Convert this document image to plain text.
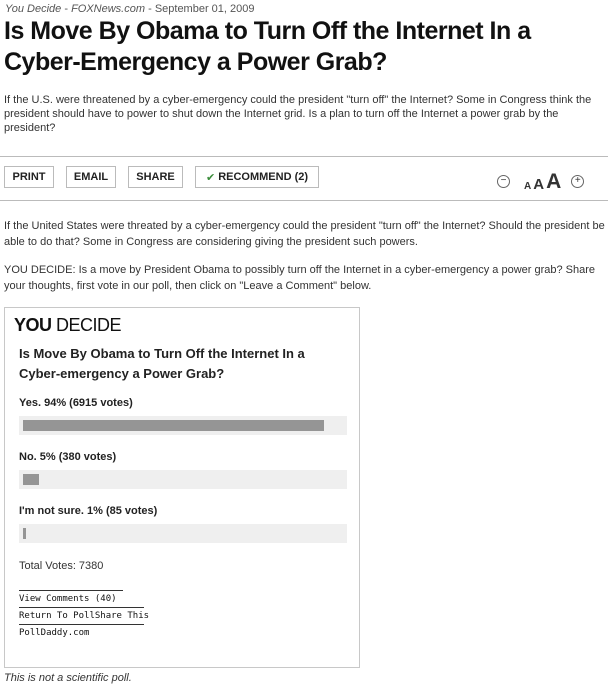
You Decide - FOXNews.com - September 01, 2009
Is Move By Obama to Turn Off the Internet In a Cyber-Emergency a Power Grab?
If the U.S. were threatened by a cyber-emergency could the president "turn off" the Internet? Some in Congress think the president should have to power to shut down the Internet grid. Is a plan to turn off the Internet a power grab by the president?
PRINT	EMAIL	SHARE	✔ RECOMMEND (2)	−
A A A	+

If the United States were threated by a cyber-emergency could the president "turn off" the Internet? Should the president be able to do that? Some in Congress are considering giving the president such powers.

YOU DECIDE: Is a move by President Obama to possibly turn off the Internet in a cyber-emergency a power grab? Share your thoughts, first vote in our poll, then click on "Leave a Comment" below.

YOU DECIDE
Is Move By Obama to Turn Off the Internet In a Cyber-emergency a Power Grab?
Yes. 94% (6915 votes)
No. 5% (380 votes)
I'm not sure. 1% (85 votes)
Total Votes: 7380
View Comments (40)
Return To PollShare This
PollDaddy.com
This is not a scientific poll.
